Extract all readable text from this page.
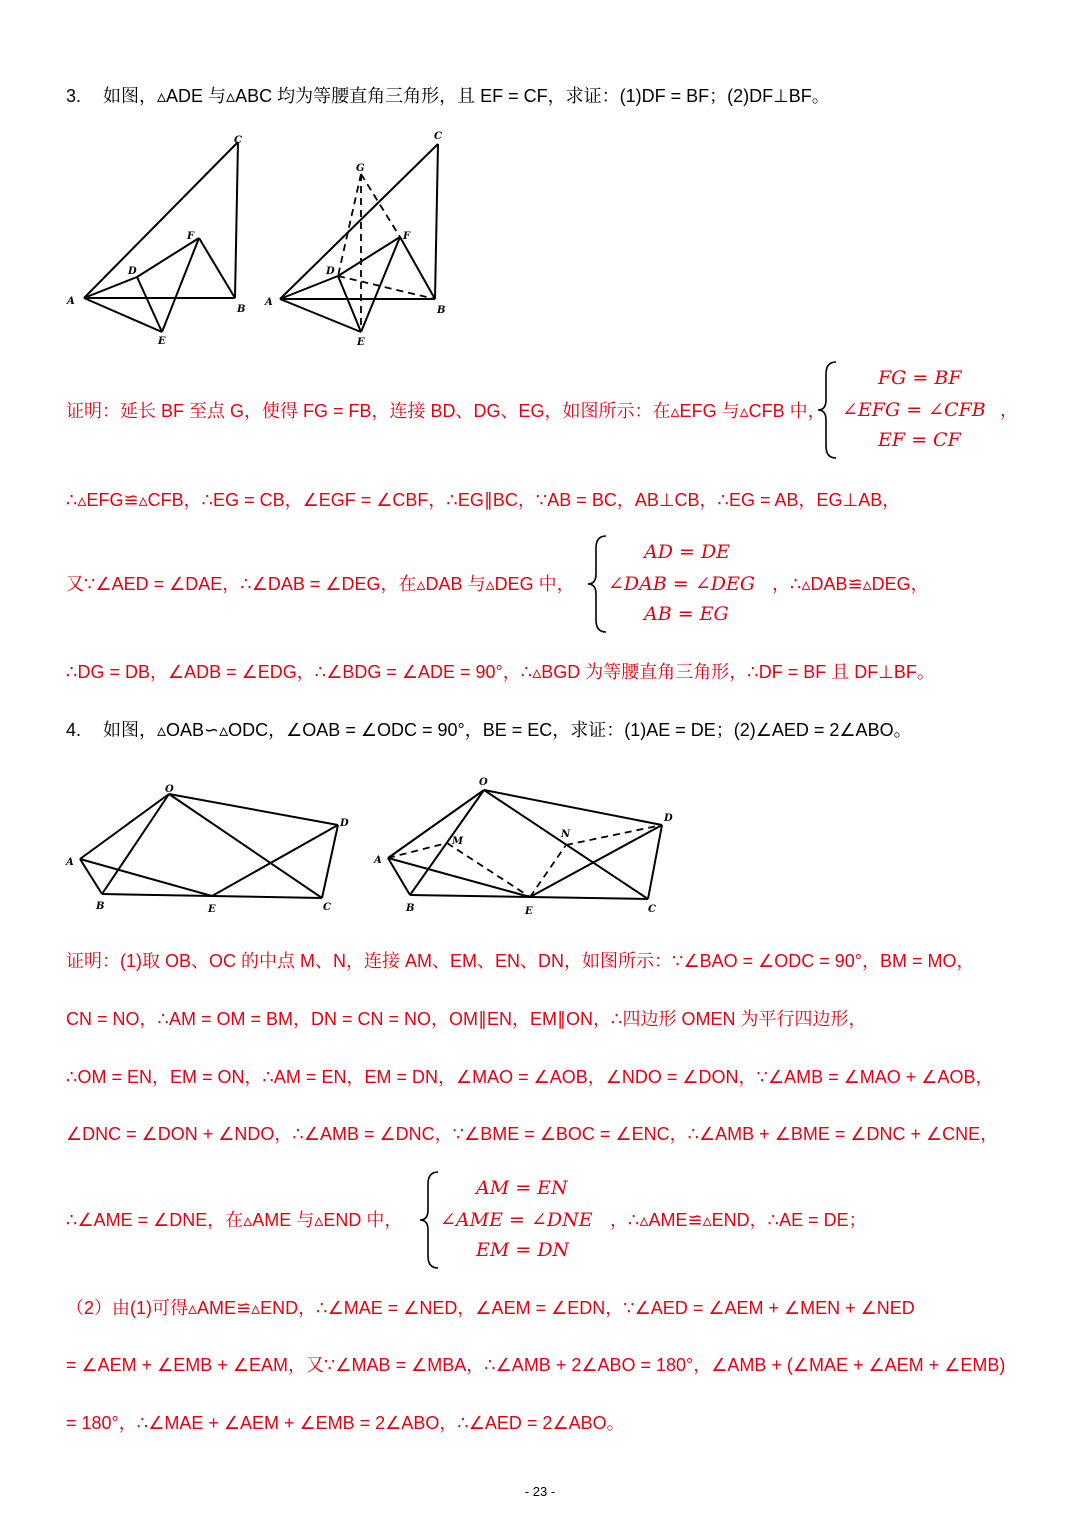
3. 如图，▵ADE 与▵ABC 均为等腰直角三角形，且 EF = CF，求证：(1)DF = BF；(2)DF⊥BF。
C
A
B
D
F
E
C
G
A
B
D
F
E
证明：延长 BF 至点 G，使得 FG = FB，连接 BD、DG、EG，如图所示：在▵EFG 与▵CFB 中，
FG = BF
∠EFG = ∠CFB
EF = CF
，
∴▵EFG≌▵CFB，∴EG = CB，∠EGF = ∠CBF，∴EG∥BC，∵AB = BC，AB⊥CB，∴EG = AB，EG⊥AB，
又∵∠AED = ∠DAE，∴∠DAB = ∠DEG，在▵DAB 与▵DEG 中，
AD = DE
∠DAB = ∠DEG
AB = EG
，∴▵DAB≌▵DEG，
∴DG = DB，∠ADB = ∠EDG，∴∠BDG = ∠ADE = 90°，∴▵BGD 为等腰直角三角形，∴DF = BF 且 DF⊥BF。
4. 如图，▵OAB∽▵ODC，∠OAB = ∠ODC = 90°，BE = EC，求证：(1)AE = DE；(2)∠AED = 2∠ABO。
O
D
A
B	E	C
O
D
A
B	E	C
M
N
证明：(1)取 OB、OC 的中点 M、N，连接 AM、EM、EN、DN，如图所示：∵∠BAO = ∠ODC = 90°，BM = MO，
CN = NO，∴AM = OM = BM，DN = CN = NO，OM∥EN，EM∥ON，∴四边形 OMEN 为平行四边形，
∴OM = EN，EM = ON，∴AM = EN，EM = DN，∠MAO = ∠AOB，∠NDO = ∠DON，∵∠AMB = ∠MAO + ∠AOB，
∠DNC = ∠DON + ∠NDO，∴∠AMB = ∠DNC，∵∠BME = ∠BOC = ∠ENC，∴∠AMB + ∠BME = ∠DNC + ∠CNE，
∴∠AME = ∠DNE，在▵AME 与▵END 中，
AM = EN
∠AME = ∠DNE
EM = DN
，∴▵AME≌▵END，∴AE = DE；
（2）由(1)可得▵AME≌▵END，∴∠MAE = ∠NED，∠AEM = ∠EDN，∵∠AED = ∠AEM + ∠MEN + ∠NED
= ∠AEM + ∠EMB + ∠EAM，又∵∠MAB = ∠MBA，∴∠AMB + 2∠ABO = 180°，∠AMB + (∠MAE + ∠AEM + ∠EMB)
= 180°，∴∠MAE + ∠AEM + ∠EMB = 2∠ABO，∴∠AED = 2∠ABO。
- 23 -
